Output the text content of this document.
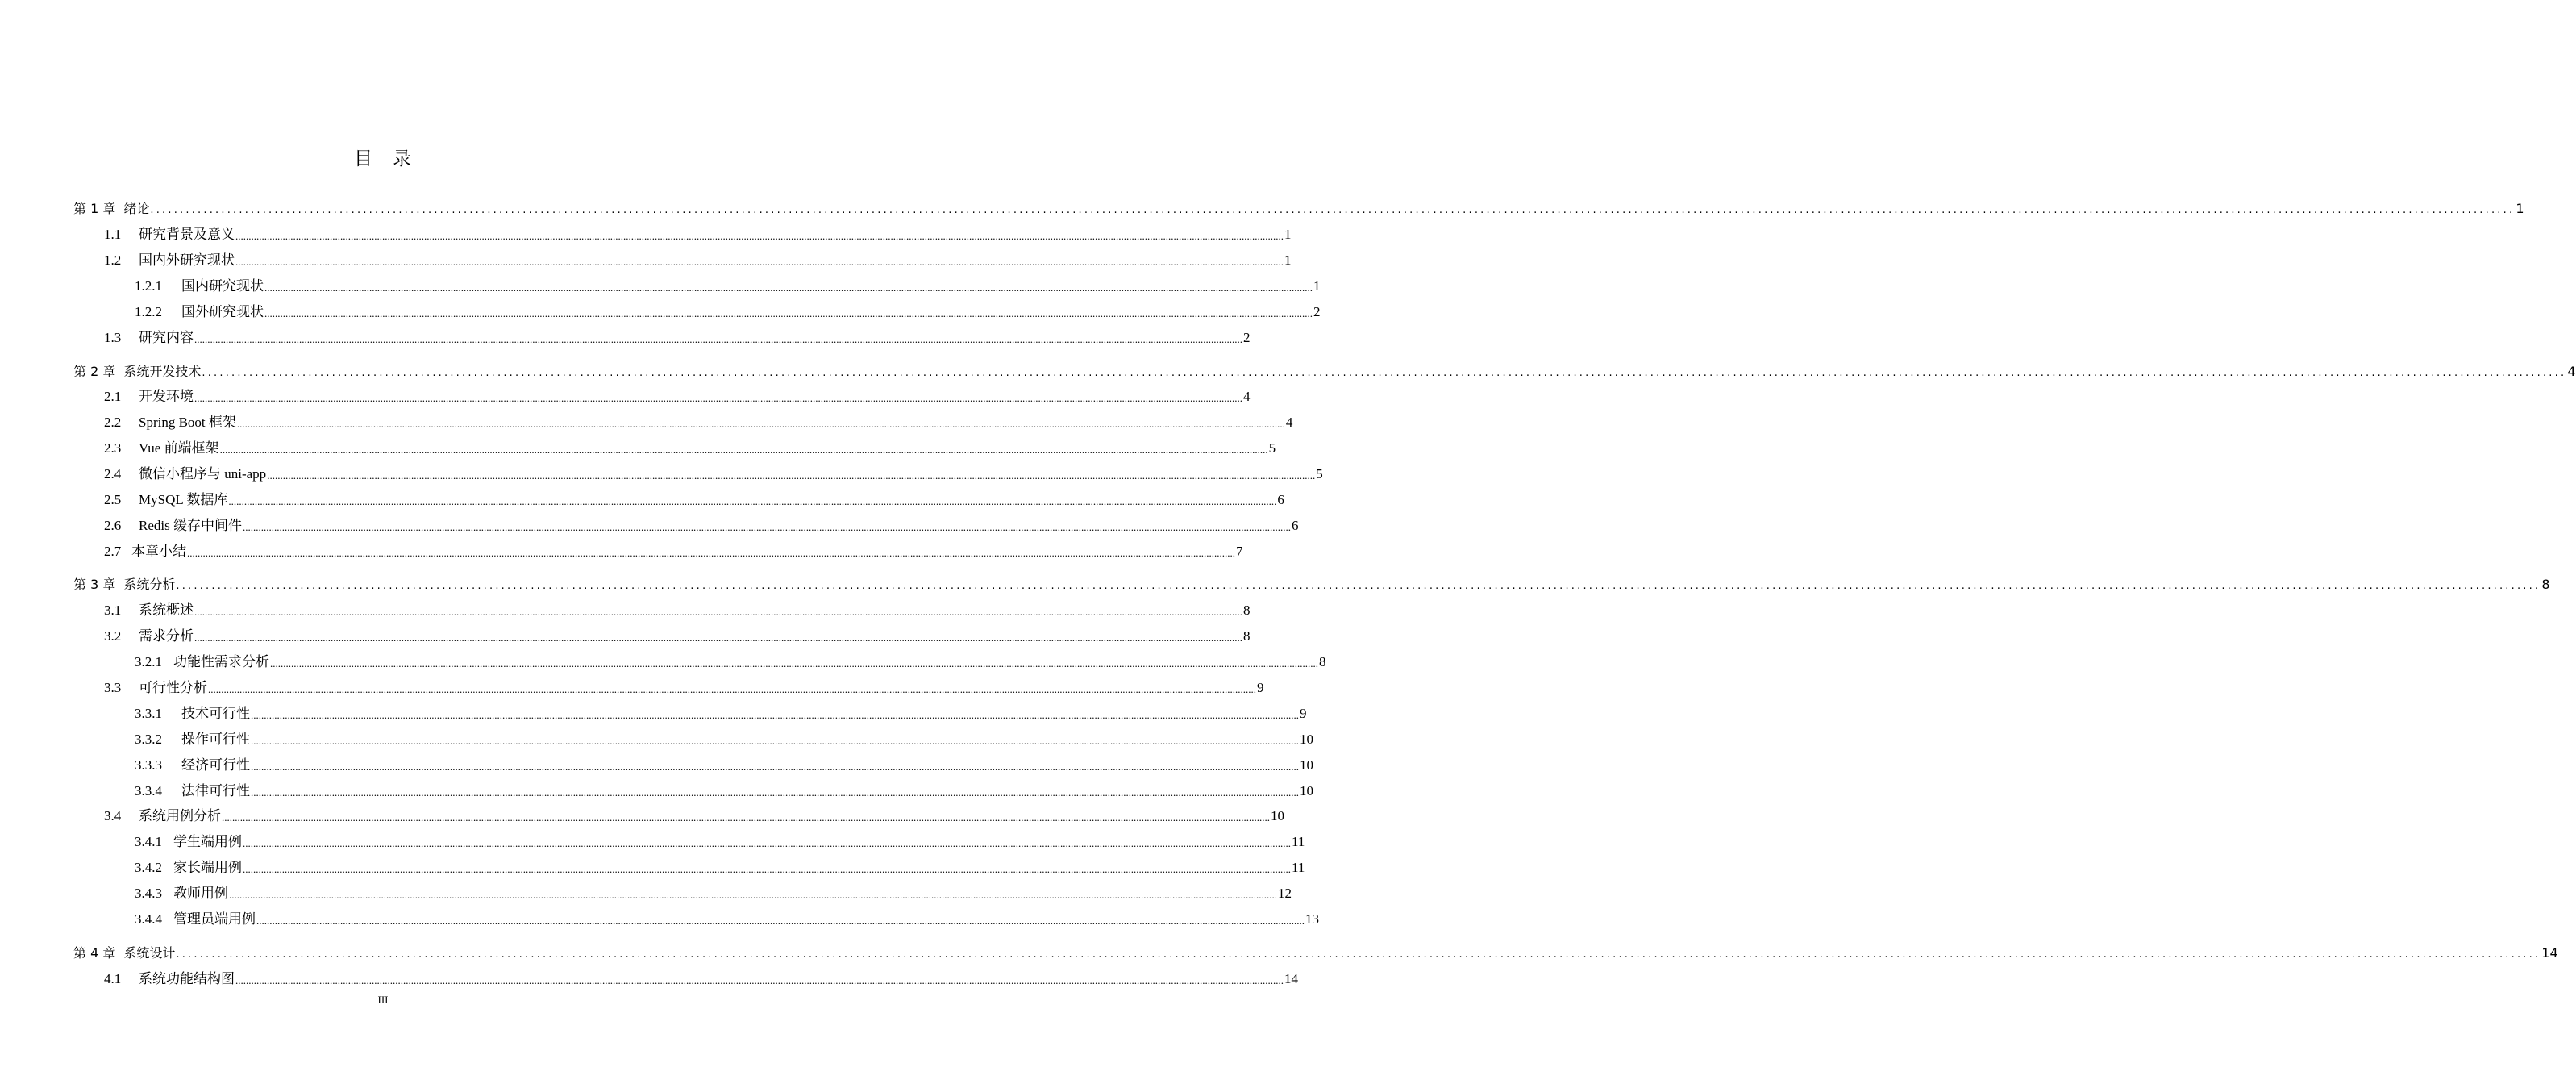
目　录
第 1 章 绪论 ................................................................................................................................................................................................................................................................................................................................................................................................................ 1
1.1	研究背景及意义 ................................................................................................................................................................................................................................................................................................................................................................................................................ 1
1.2	国内外研究现状 ................................................................................................................................................................................................................................................................................................................................................................................................................ 1
1.2.1	国内研究现状 ................................................................................................................................................................................................................................................................................................................................................................................................................ 1
1.2.2	国外研究现状 ................................................................................................................................................................................................................................................................................................................................................................................................................ 2
1.3	研究内容 ................................................................................................................................................................................................................................................................................................................................................................................................................ 2
第 2 章 系统开发技术 ................................................................................................................................................................................................................................................................................................................................................................................................................ 4
2.1	开发环境 ................................................................................................................................................................................................................................................................................................................................................................................................................ 4
2.2	Spring Boot 框架 ................................................................................................................................................................................................................................................................................................................................................................................................................ 4
2.3	Vue 前端框架 ................................................................................................................................................................................................................................................................................................................................................................................................................ 5
2.4	微信小程序与 uni-app ................................................................................................................................................................................................................................................................................................................................................................................................................ 5
2.5	MySQL 数据库 ................................................................................................................................................................................................................................................................................................................................................................................................................ 6
2.6	Redis 缓存中间件 ................................................................................................................................................................................................................................................................................................................................................................................................................ 6
2.7 本章小结 ................................................................................................................................................................................................................................................................................................................................................................................................................ 7
第 3 章 系统分析 ................................................................................................................................................................................................................................................................................................................................................................................................................ 8
3.1	系统概述 ................................................................................................................................................................................................................................................................................................................................................................................................................ 8
3.2	需求分析 ................................................................................................................................................................................................................................................................................................................................................................................................................ 8
3.2.1 功能性需求分析 ................................................................................................................................................................................................................................................................................................................................................................................................................ 8
3.3	可行性分析 ................................................................................................................................................................................................................................................................................................................................................................................................................ 9
3.3.1	技术可行性 ................................................................................................................................................................................................................................................................................................................................................................................................................ 9
3.3.2	操作可行性 ................................................................................................................................................................................................................................................................................................................................................................................................................ 10
3.3.3	经济可行性 ................................................................................................................................................................................................................................................................................................................................................................................................................ 10
3.3.4	法律可行性 ................................................................................................................................................................................................................................................................................................................................................................................................................ 10
3.4	系统用例分析 ................................................................................................................................................................................................................................................................................................................................................................................................................ 10
3.4.1 学生端用例 ................................................................................................................................................................................................................................................................................................................................................................................................................ 11
3.4.2 家长端用例 ................................................................................................................................................................................................................................................................................................................................................................................................................ 11
3.4.3 教师用例 ................................................................................................................................................................................................................................................................................................................................................................................................................ 12
3.4.4 管理员端用例 ................................................................................................................................................................................................................................................................................................................................................................................................................ 13
第 4 章 系统设计 ................................................................................................................................................................................................................................................................................................................................................................................................................ 14
4.1	系统功能结构图 ................................................................................................................................................................................................................................................................................................................................................................................................................ 14
III
